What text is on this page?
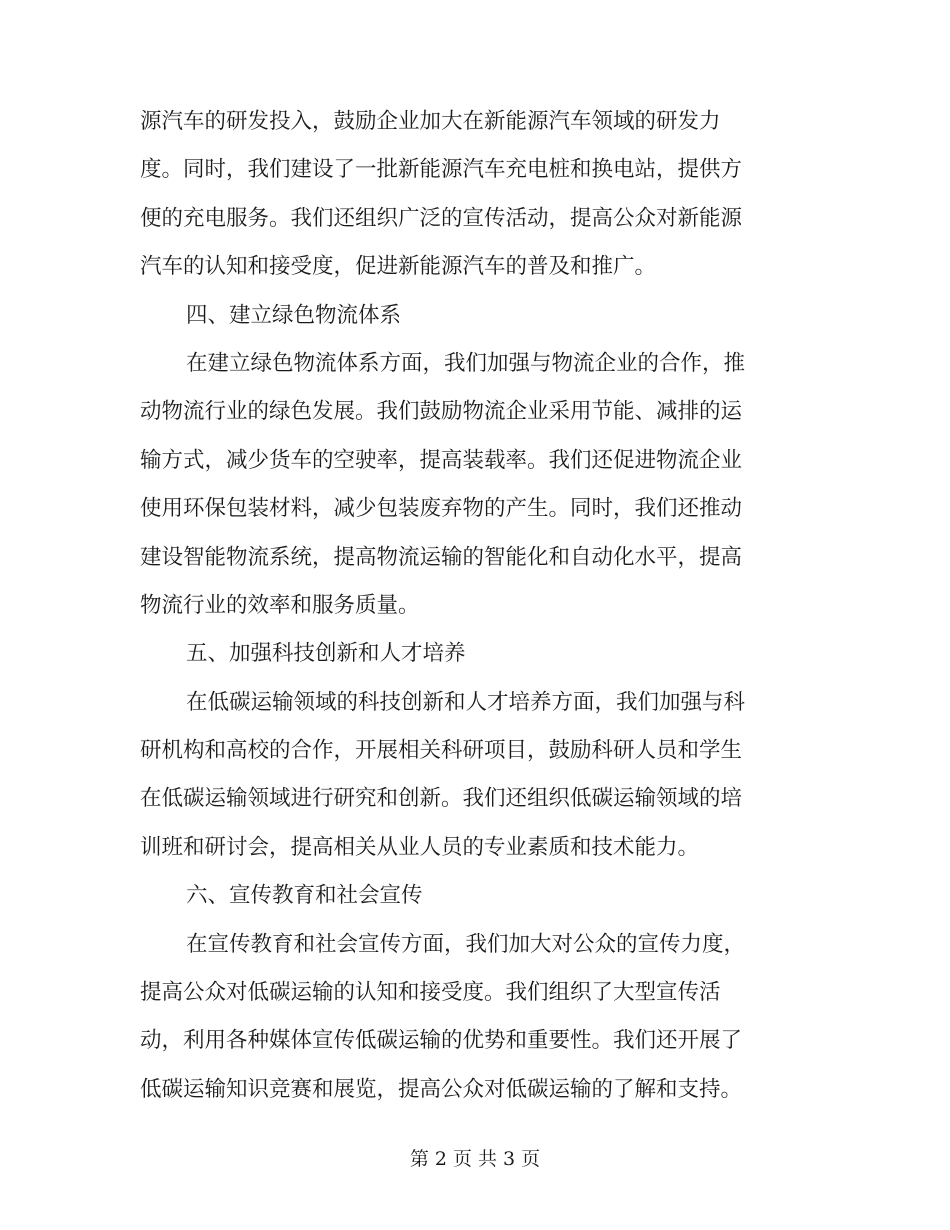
源汽车的研发投入，鼓励企业加大在新能源汽车领域的研发力
度。同时，我们建设了一批新能源汽车充电桩和换电站，提供方
便的充电服务。我们还组织广泛的宣传活动，提高公众对新能源
汽车的认知和接受度，促进新能源汽车的普及和推广。
四、建立绿色物流体系
在建立绿色物流体系方面，我们加强与物流企业的合作，推
动物流行业的绿色发展。我们鼓励物流企业采用节能、减排的运
输方式，减少货车的空驶率，提高装载率。我们还促进物流企业
使用环保包装材料，减少包装废弃物的产生。同时，我们还推动
建设智能物流系统，提高物流运输的智能化和自动化水平，提高
物流行业的效率和服务质量。
五、加强科技创新和人才培养
在低碳运输领域的科技创新和人才培养方面，我们加强与科
研机构和高校的合作，开展相关科研项目，鼓励科研人员和学生
在低碳运输领域进行研究和创新。我们还组织低碳运输领域的培
训班和研讨会，提高相关从业人员的专业素质和技术能力。
六、宣传教育和社会宣传
在宣传教育和社会宣传方面，我们加大对公众的宣传力度，
提高公众对低碳运输的认知和接受度。我们组织了大型宣传活
动，利用各种媒体宣传低碳运输的优势和重要性。我们还开展了
低碳运输知识竞赛和展览，提高公众对低碳运输的了解和支持。
第 2 页 共 3 页
